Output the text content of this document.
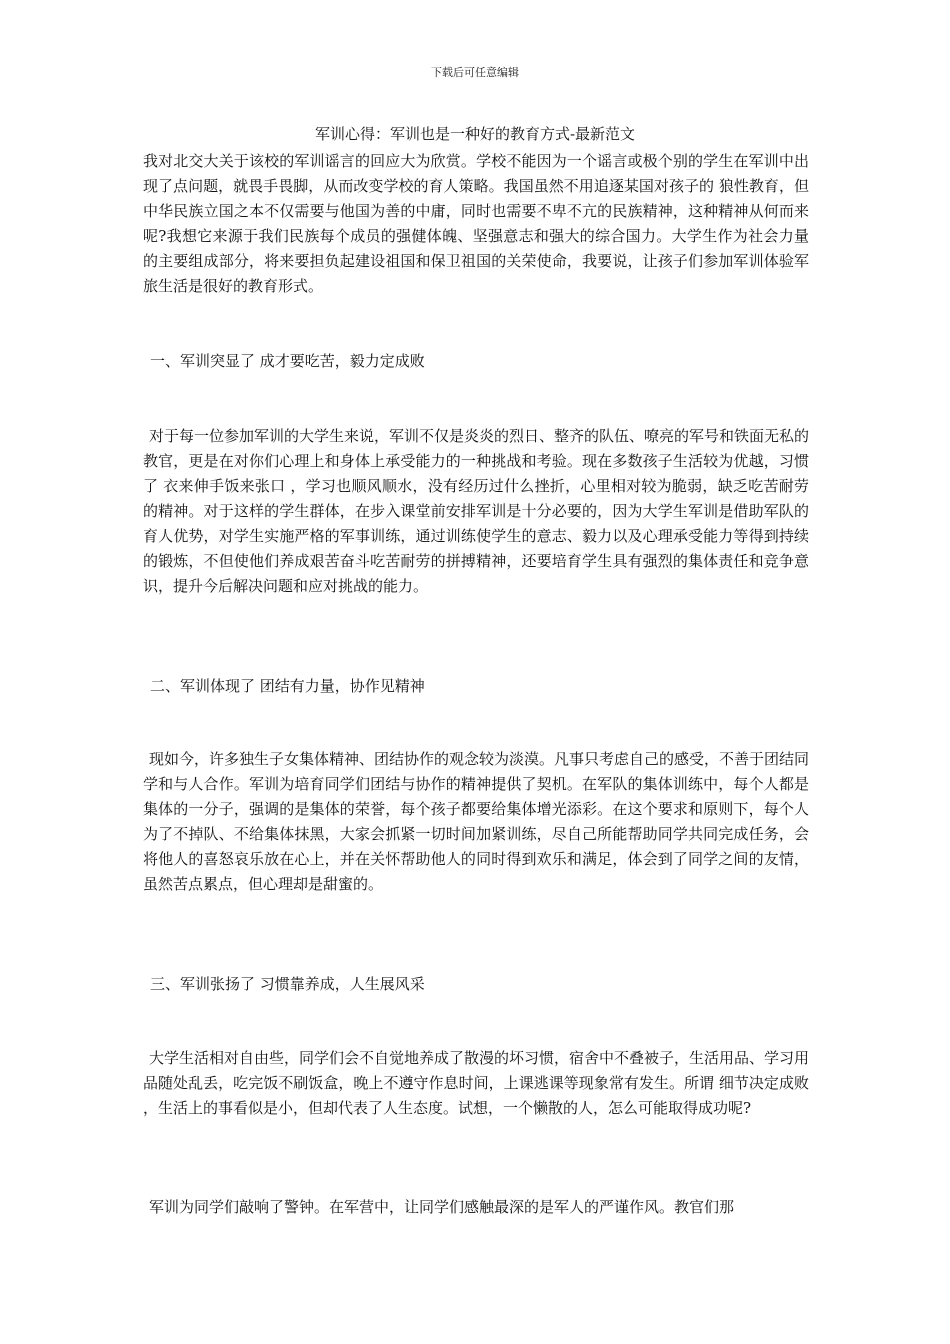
下载后可任意编辑
军训心得：军训也是一种好的教育方式-最新范文

我对北交大关于该校的军训谣言的回应大为欣赏。学校不能因为一个谣言或极个别的学生在军训中出现了点问题，就畏手畏脚，从而改变学校的育人策略。我国虽然不用追逐某国对孩子的 狼性教育，但中华民族立国之本不仅需要与他国为善的中庸，同时也需要不卑不亢的民族精神，这种精神从何而来呢?我想它来源于我们民族每个成员的强健体魄、坚强意志和强大的综合国力。大学生作为社会力量的主要组成部分，将来要担负起建设祖国和保卫祖国的关荣使命，我要说，让孩子们参加军训体验军旅生活是很好的教育形式。

一、军训突显了 成才要吃苦，毅力定成败

对于每一位参加军训的大学生来说，军训不仅是炎炎的烈日、整齐的队伍、嘹亮的军号和铁面无私的教官，更是在对你们心理上和身体上承受能力的一种挑战和考验。现在多数孩子生活较为优越，习惯了 衣来伸手饭来张口 ，学习也顺风顺水，没有经历过什么挫折，心里相对较为脆弱，缺乏吃苦耐劳的精神。对于这样的学生群体，在步入课堂前安排军训是十分必要的，因为大学生军训是借助军队的育人优势，对学生实施严格的军事训练，通过训练使学生的意志、毅力以及心理承受能力等得到持续的锻炼，不但使他们养成艰苦奋斗吃苦耐劳的拼搏精神，还要培育学生具有强烈的集体责任和竞争意识，提升今后解决问题和应对挑战的能力。

二、军训体现了 团结有力量，协作见精神

现如今，许多独生子女集体精神、团结协作的观念较为淡漠。凡事只考虑自己的感受，不善于团结同学和与人合作。军训为培育同学们团结与协作的精神提供了契机。在军队的集体训练中，每个人都是集体的一分子，强调的是集体的荣誉，每个孩子都要给集体增光添彩。在这个要求和原则下，每个人为了不掉队、不给集体抹黑，大家会抓紧一切时间加紧训练，尽自己所能帮助同学共同完成任务，会将他人的喜怒哀乐放在心上，并在关怀帮助他人的同时得到欢乐和满足，体会到了同学之间的友情，虽然苦点累点，但心理却是甜蜜的。

三、军训张扬了 习惯靠养成，人生展风采

大学生活相对自由些，同学们会不自觉地养成了散漫的坏习惯，宿舍中不叠被子，生活用品、学习用品随处乱丢，吃完饭不刷饭盒，晚上不遵守作息时间，上课逃课等现象常有发生。所谓 细节决定成败 ，生活上的事看似是小，但却代表了人生态度。试想，一个懒散的人，怎么可能取得成功呢?

军训为同学们敲响了警钟。在军营中，让同学们感触最深的是军人的严谨作风。教官们那
